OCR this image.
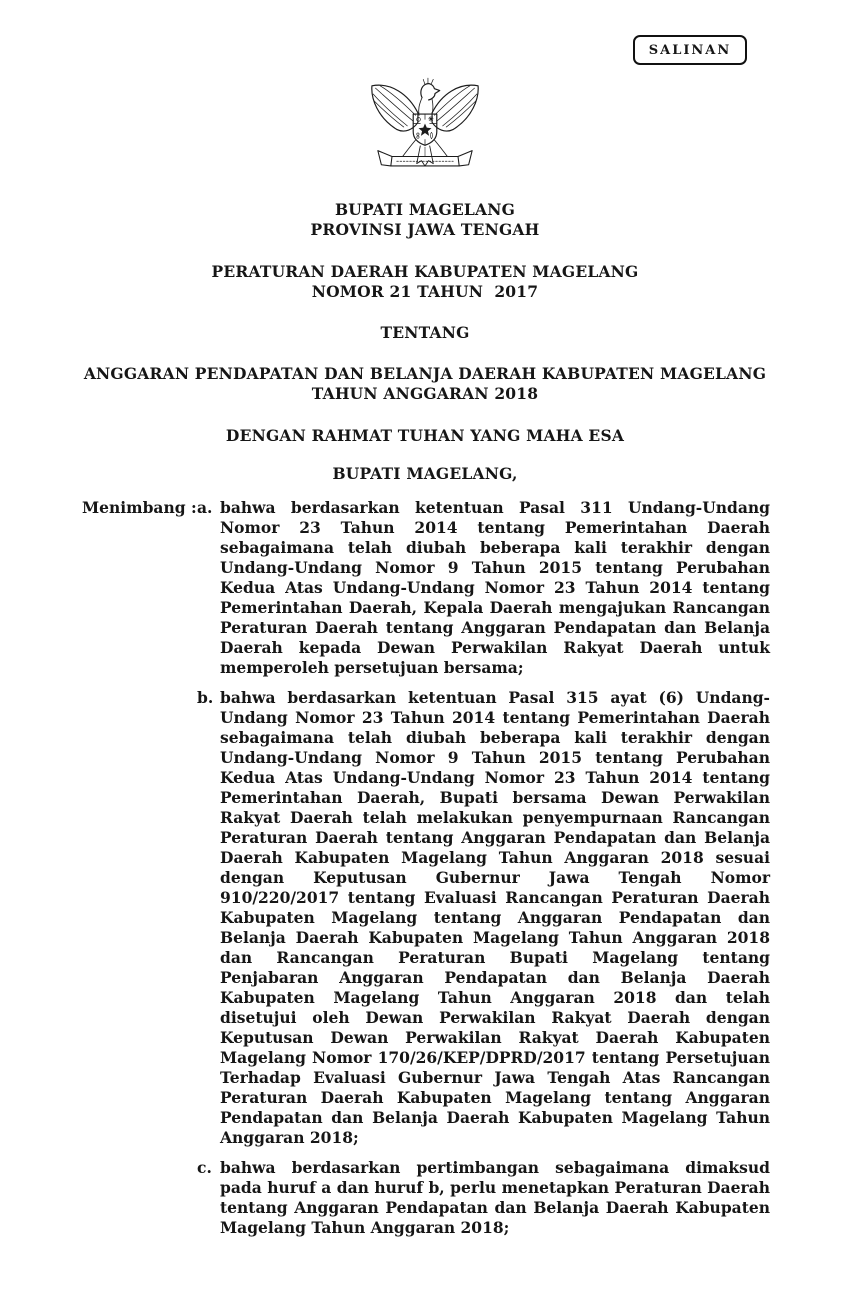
SALINAN
BUPATI MAGELANG
PROVINSI JAWA TENGAH
PERATURAN DAERAH KABUPATEN MAGELANG
NOMOR 21 TAHUN  2017
TENTANG
ANGGARAN PENDAPATAN DAN BELANJA DAERAH KABUPATEN MAGELANG
TAHUN ANGGARAN 2018
DENGAN RAHMAT TUHAN YANG MAHA ESA
BUPATI MAGELANG,
Menimbang : a. bahwa berdasarkan ketentuan Pasal 311 Undang-Undang Nomor 23 Tahun 2014 tentang Pemerintahan Daerah sebagaimana telah diubah beberapa kali terakhir dengan Undang-Undang Nomor 9 Tahun 2015 tentang Perubahan Kedua Atas Undang-Undang Nomor 23 Tahun 2014 tentang Pemerintahan Daerah, Kepala Daerah mengajukan Rancangan Peraturan Daerah tentang Anggaran Pendapatan dan Belanja Daerah kepada Dewan Perwakilan Rakyat Daerah untuk memperoleh persetujuan bersama;

b. bahwa berdasarkan ketentuan Pasal 315 ayat (6) Undang-Undang Nomor 23 Tahun 2014 tentang Pemerintahan Daerah sebagaimana telah diubah beberapa kali terakhir dengan Undang-Undang Nomor 9 Tahun 2015 tentang Perubahan Kedua Atas Undang-Undang Nomor 23 Tahun 2014 tentang Pemerintahan Daerah, Bupati bersama Dewan Perwakilan Rakyat Daerah telah melakukan penyempurnaan Rancangan Peraturan Daerah tentang Anggaran Pendapatan dan Belanja Daerah Kabupaten Magelang Tahun Anggaran 2018 sesuai dengan Keputusan Gubernur Jawa Tengah Nomor 910/220/2017 tentang Evaluasi Rancangan Peraturan Daerah Kabupaten Magelang tentang Anggaran Pendapatan dan Belanja Daerah Kabupaten Magelang Tahun Anggaran 2018 dan Rancangan Peraturan Bupati Magelang tentang Penjabaran Anggaran Pendapatan dan Belanja Daerah Kabupaten Magelang Tahun Anggaran 2018 dan telah disetujui oleh Dewan Perwakilan Rakyat Daerah dengan Keputusan Dewan Perwakilan Rakyat Daerah Kabupaten Magelang Nomor 170/26/KEP/DPRD/2017 tentang Persetujuan Terhadap Evaluasi Gubernur Jawa Tengah Atas Rancangan Peraturan Daerah Kabupaten Magelang tentang Anggaran Pendapatan dan Belanja Daerah Kabupaten Magelang Tahun Anggaran 2018;

c. bahwa berdasarkan pertimbangan sebagaimana dimaksud pada huruf a dan huruf b, perlu menetapkan Peraturan Daerah tentang Anggaran Pendapatan dan Belanja Daerah Kabupaten Magelang Tahun Anggaran 2018;
